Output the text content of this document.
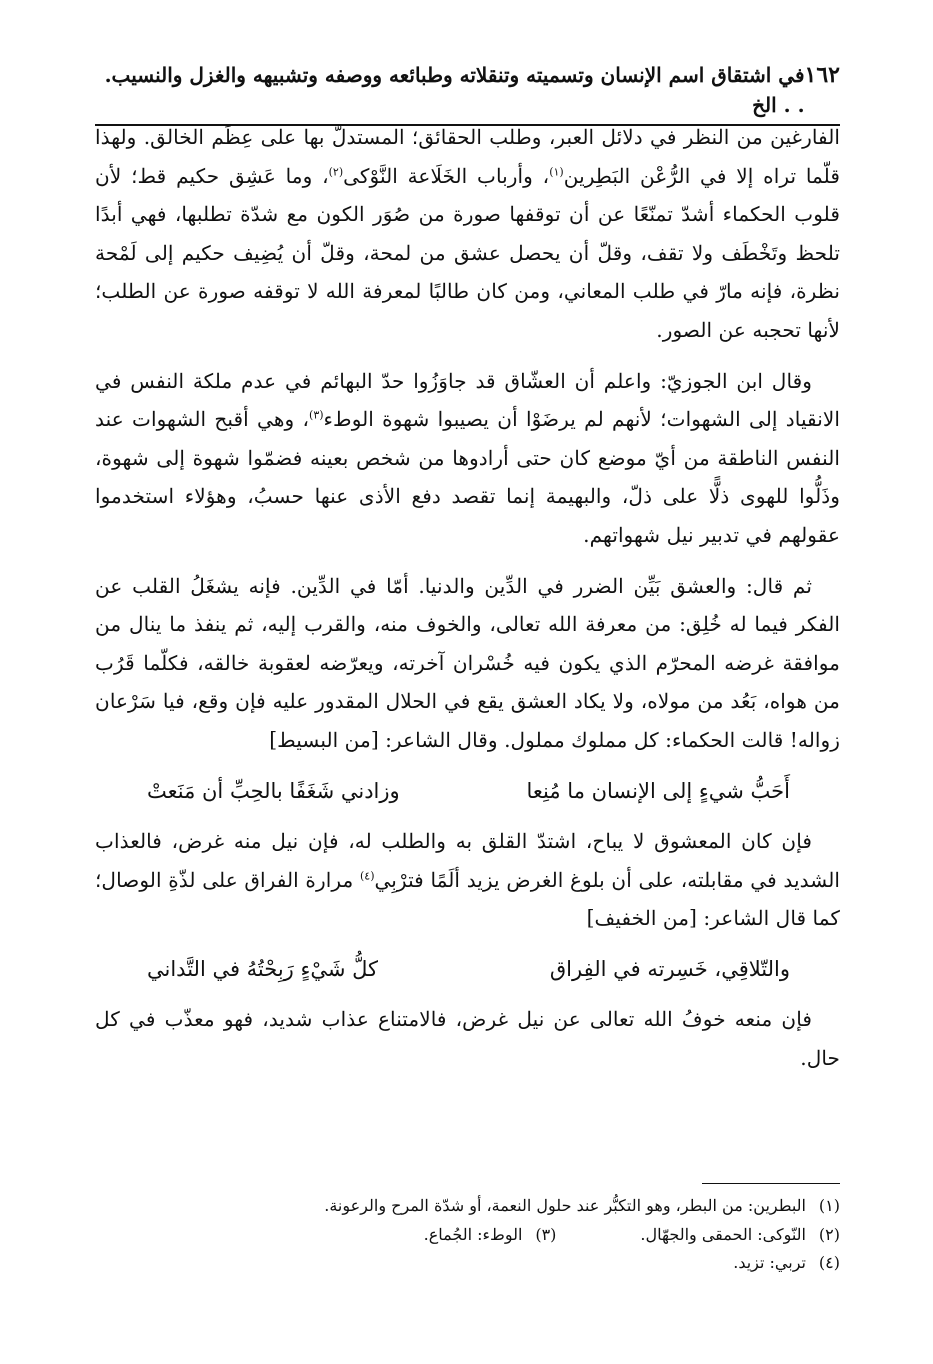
١٦٢
في اشتقاق اسم الإنسان وتسميته وتنقلاته وطبائعه ووصفه وتشبيهه والغزل والنسيب. . . الخ

الفارغين من النظر في دلائل العبر، وطلب الحقائق؛ المستدلّ بها على عِظَم الخالق. ولهذا قلّما تراه إلا في الرُّعْن البَطِرين$^{(١)}$، وأرباب الخَلَاعة النَّوْكى$^{(٢)}$، وما عَشِق حكيم قط؛ لأن قلوب الحكماء أشدّ تمنّعًا عن أن توقفها صورة من صُوَر الكون مع شدّة تطلبها، فهي أبدًا تلحظ وتَخْطَف ولا تقف، وقلّ أن يحصل عشق من لمحة، وقلّ أن يُضِيف حكيم إلى لَمْحة نظرة، فإنه مارّ في طلب المعاني، ومن كان طالبًا لمعرفة الله لا توقفه صورة عن الطلب؛ لأنها تحجبه عن الصور.

وقال ابن الجوزيّ: واعلم أن العشّاق قد جاوَزُوا حدّ البهائم في عدم ملكة النفس في الانقياد إلى الشهوات؛ لأنهم لم يرضَوْا أن يصيبوا شهوة الوطء$^{(٣)}$، وهي أقبح الشهوات عند النفس الناطقة من أيّ موضع كان حتى أرادوها من شخص بعينه فضمّوا شهوة إلى شهوة، وذَلُّوا للهوى ذلًّا على ذلّ، والبهيمة إنما تقصد دفع الأذى عنها حسبُ، وهؤلاء استخدموا عقولهم في تدبير نيل شهواتهم.

ثم قال: والعشق بَيِّن الضرر في الدِّين والدنيا. أمّا في الدِّين. فإنه يشغَلُ القلب عن الفكر فيما له خُلِق: من معرفة الله تعالى، والخوف منه، والقرب إليه، ثم ينفذ ما ينال من موافقة غرضه المحرّم الذي يكون فيه خُسْران آخرته، ويعرّضه لعقوبة خالقه، فكلّما قَرُب من هواه، بَعُد من مولاه، ولا يكاد العشق يقع في الحلال المقدور عليه فإن وقع، فيا سَرْعان زواله! قالت الحكماء: كل مملوك مملول. وقال الشاعر: [من البسيط]

أَحَبُّ شيءٍ إلى الإنسان ما مُنِعا
وزادني شَغَفًا بالحِبِّ أن مَنَعتْ

فإن كان المعشوق لا يباح، اشتدّ القلق به والطلب له، فإن نيل منه غرض، فالعذاب الشديد في مقابلته، على أن بلوغ الغرض يزيد ألَمًا فترْبِي$^{(٤)}$ مرارة الفراق على لذّةِ الوصال؛ كما قال الشاعر: [من الخفيف]

والتّلاقِي، خَسِرته في الفِراق
كلُّ شَيْءٍ رَبِحْتُهُ في التَّداني

فإن منعه خوفُ الله تعالى عن نيل غرض، فالامتناع عذاب شديد، فهو معذّب في كل حال.

(١)
البطرين: من البطر، وهو التكبُّر عند حلول النعمة، أو شدّة المرح والرعونة.
(٢)
النّوكى: الحمقى والجهّال.
(٣)
الوطء: الجُماع.
(٤)
تربي: تزيد.
